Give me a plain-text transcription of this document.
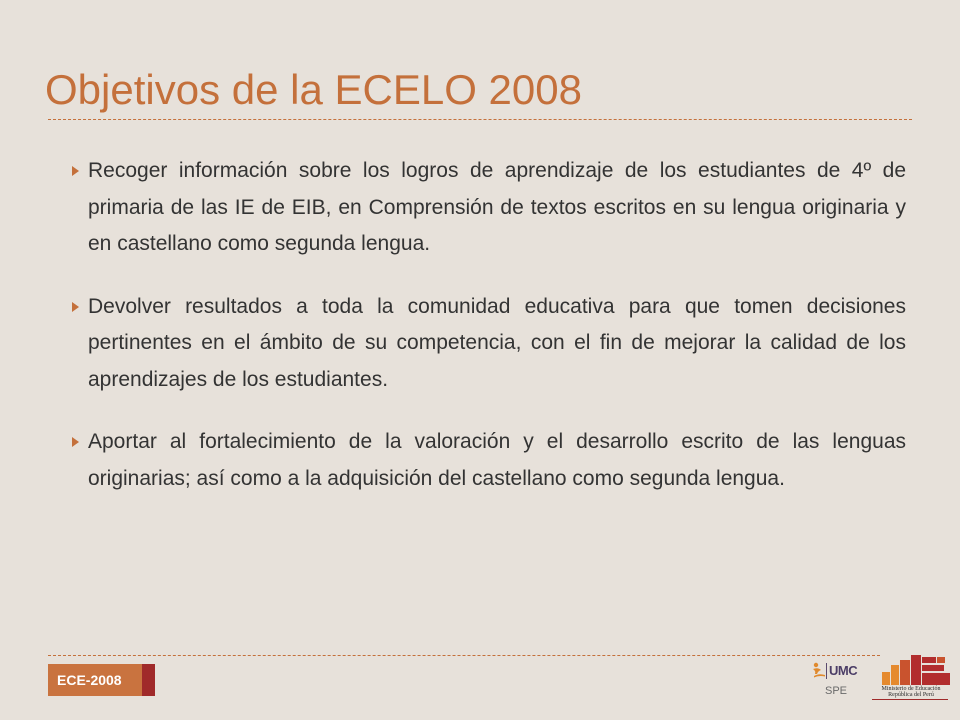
Objetivos de la ECELO 2008
Recoger información sobre los logros de aprendizaje de los estudiantes de 4º de primaria de las IE de EIB, en Comprensión de textos escritos en su lengua originaria y en castellano como segunda lengua.
Devolver resultados a toda la comunidad educativa para que tomen decisiones pertinentes en el ámbito de su competencia, con el fin de mejorar la calidad de los aprendizajes de los estudiantes.
Aportar al fortalecimiento de la valoración y el desarrollo escrito de las lenguas originarias; así como a la adquisición del castellano como segunda lengua.
ECE-2008
UMC
SPE	Ministerio de Educación
República del Perú
